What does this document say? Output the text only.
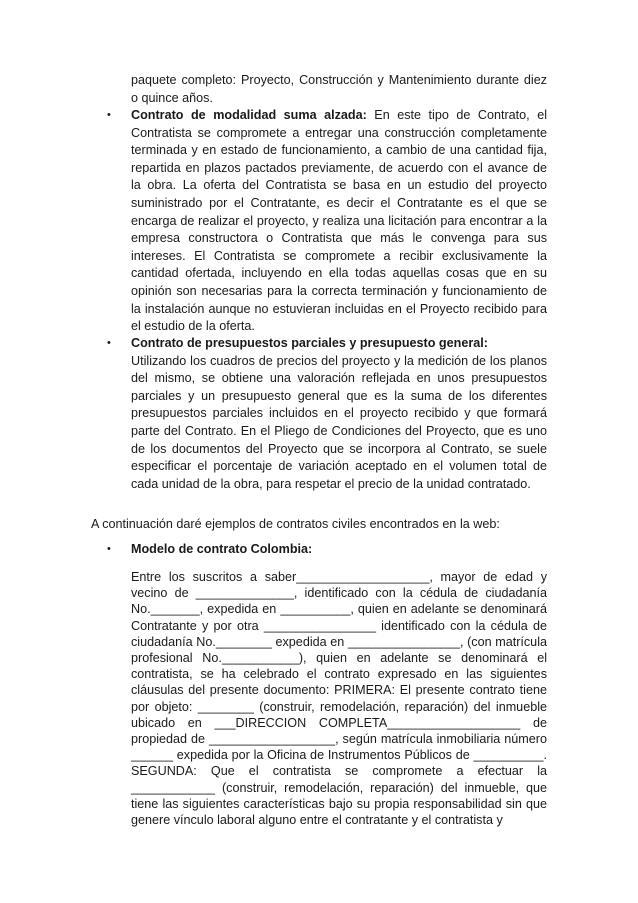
paquete completo: Proyecto, Construcción y Mantenimiento durante diez o quince años.
• Contrato de modalidad suma alzada: En este tipo de Contrato, el Contratista se compromete a entregar una construcción completamente terminada y en estado de funcionamiento, a cambio de una cantidad fija, repartida en plazos pactados previamente, de acuerdo con el avance de la obra. La oferta del Contratista se basa en un estudio del proyecto suministrado por el Contratante, es decir el Contratante es el que se encarga de realizar el proyecto, y realiza una licitación para encontrar a la empresa constructora o Contratista que más le convenga para sus intereses. El Contratista se compromete a recibir exclusivamente la cantidad ofertada, incluyendo en ella todas aquellas cosas que en su opinión son necesarias para la correcta terminación y funcionamiento de la instalación aunque no estuvieran incluidas en el Proyecto recibido para el estudio de la oferta.
• Contrato de presupuestos parciales y presupuesto general:
Utilizando los cuadros de precios del proyecto y la medición de los planos del mismo, se obtiene una valoración reflejada en unos presupuestos parciales y un presupuesto general que es la suma de los diferentes presupuestos parciales incluidos en el proyecto recibido y que formará parte del Contrato. En el Pliego de Condiciones del Proyecto, que es uno de los documentos del Proyecto que se incorpora al Contrato, se suele especificar el porcentaje de variación aceptado en el volumen total de cada unidad de la obra, para respetar el precio de la unidad contratado.
A continuación daré ejemplos de contratos civiles encontrados en la web:
• Modelo de contrato Colombia:
Entre los suscritos a saber___________________, mayor de edad y vecino de ______________, identificado con la cédula de ciudadanía No._______, expedida en __________, quien en adelante se denominará Contratante y por otra ________________ identificado con la cédula de ciudadanía No.________ expedida en ________________, (con matrícula profesional No.___________), quien en adelante se denominará el contratista, se ha celebrado el contrato expresado en las siguientes cláusulas del presente documento: PRIMERA: El presente contrato tiene por objeto: ________ (construir, remodelación, reparación) del inmueble ubicado en ___DIRECCION COMPLETA___________________ de propiedad de __________________, según matrícula inmobiliaria número ______ expedida por la Oficina de Instrumentos Públicos de __________. SEGUNDA: Que el contratista se compromete a efectuar la ____________ (construir, remodelación, reparación) del inmueble, que tiene las siguientes características bajo su propia responsabilidad sin que genere vínculo laboral alguno entre el contratante y el contratista y
